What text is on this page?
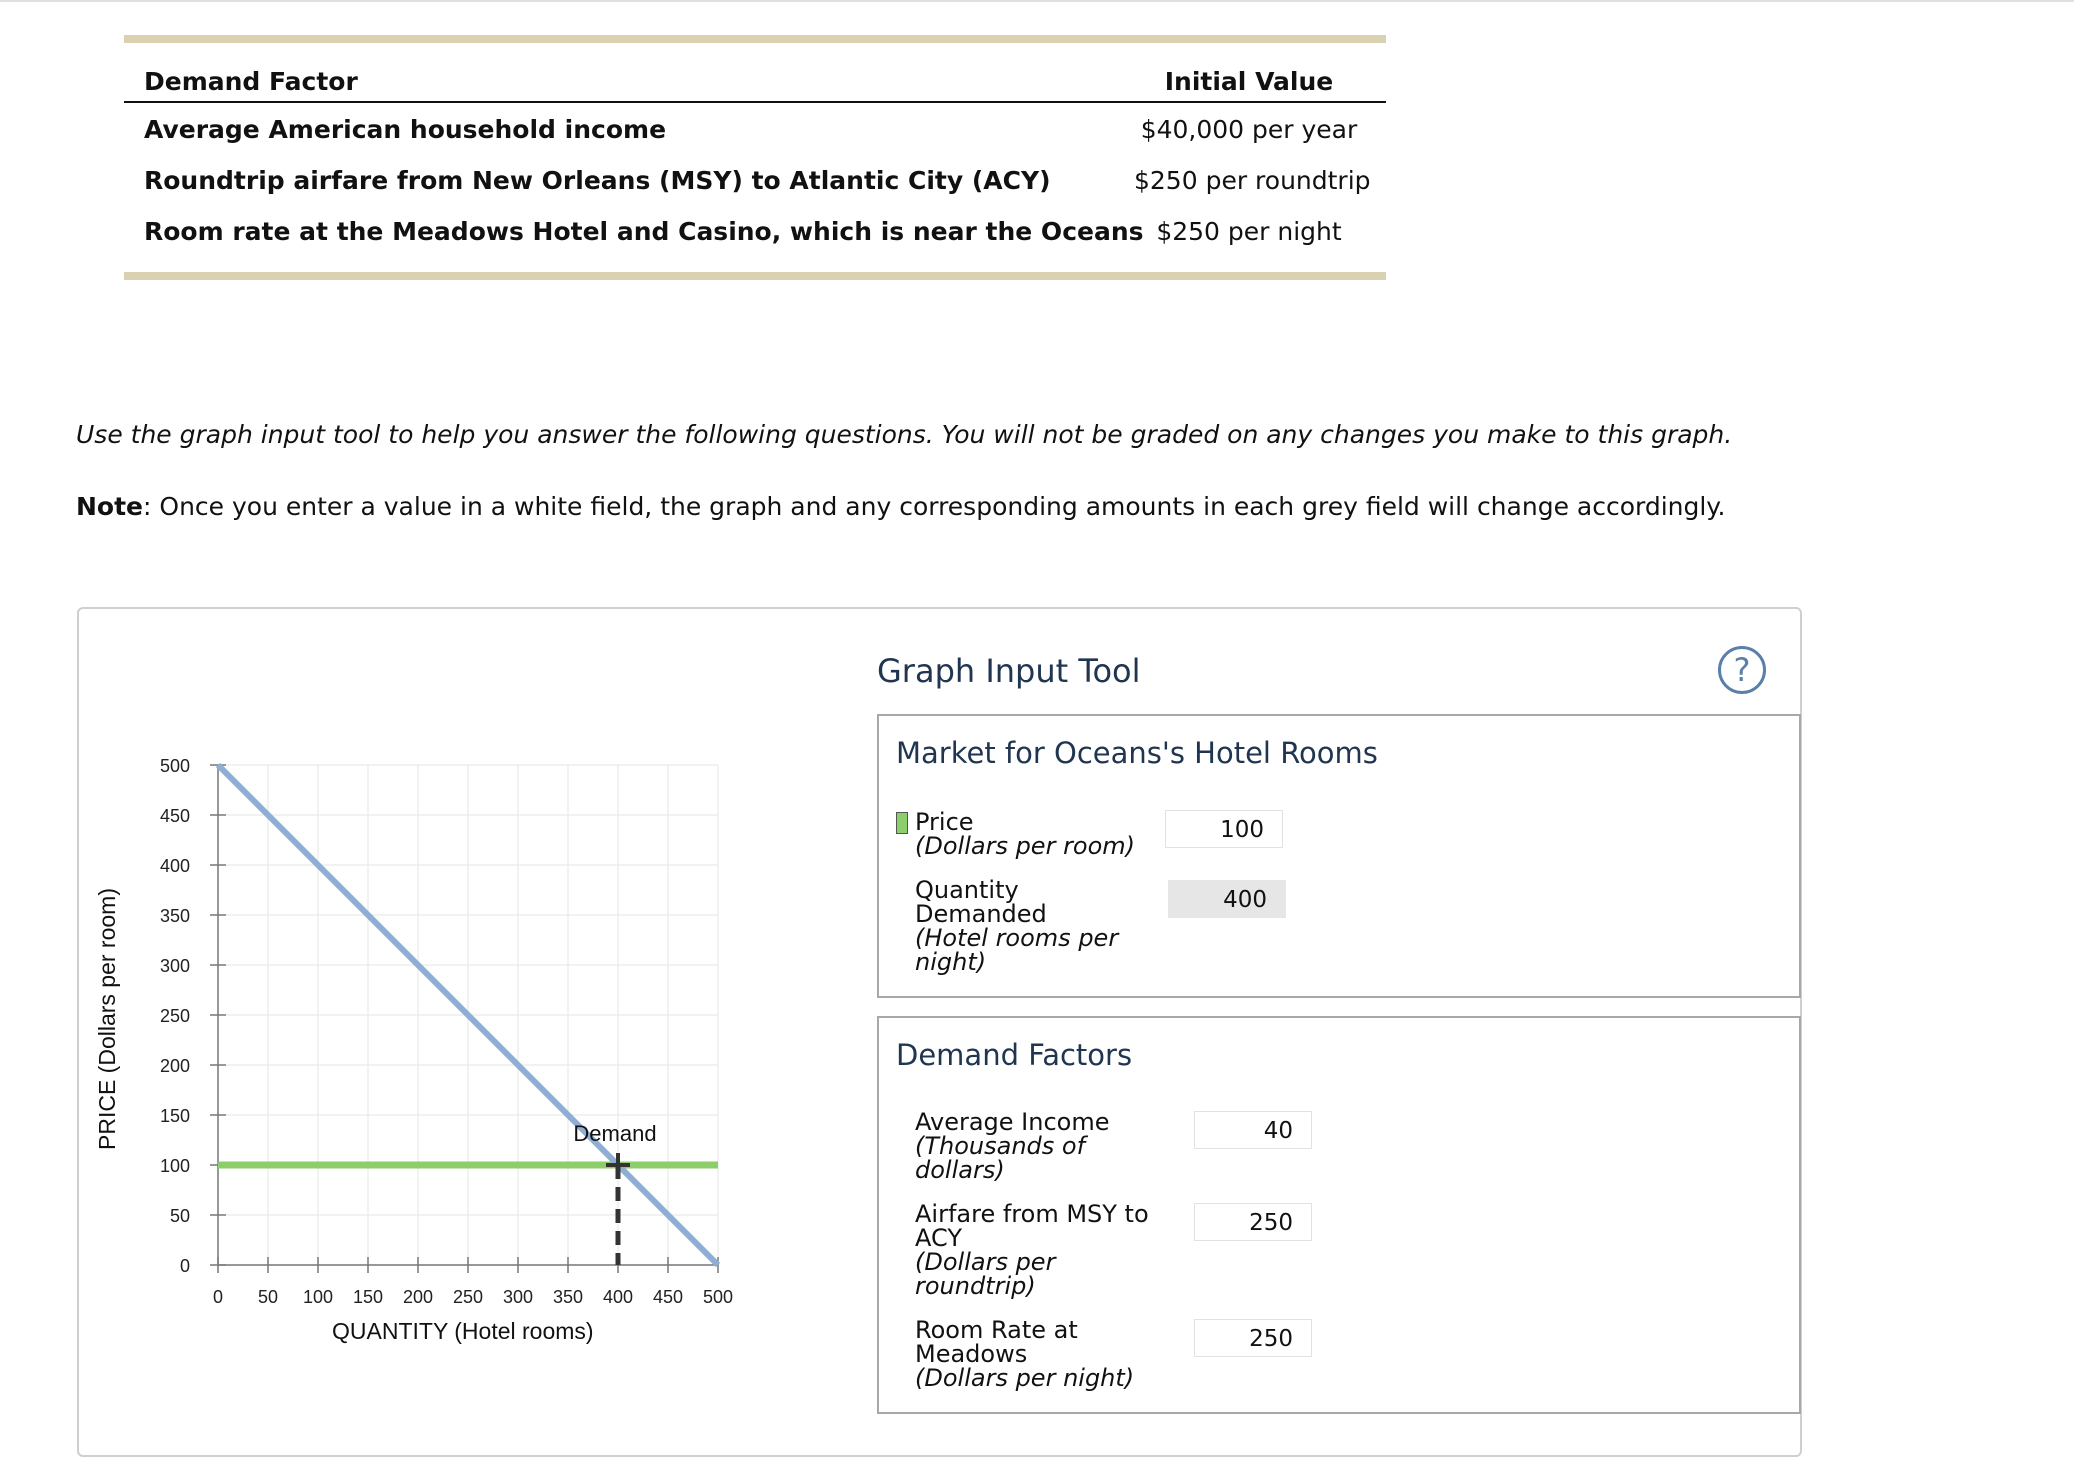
Demand Factor	Initial Value
Average American household income	$40,000 per year
Roundtrip airfare from New Orleans (MSY) to Atlantic City (ACY)	$250 per roundtrip
Room rate at the Meadows Hotel and Casino, which is near the Oceans $250 per night
Use the graph input tool to help you answer the following questions. You will not be graded on any changes you make to this graph.
Note: Once you enter a value in a white field, the graph and any corresponding amounts in each grey field will change accordingly.
0
50
100
150
200
250
300
350
400
450
500
0 50 100 150 200 250 300 350 400 450 500
Demand
PRICE (Dollars per room)
QUANTITY (Hotel rooms)
Graph Input Tool	?
Market for Oceans's Hotel Rooms
Price
(Dollars per room)
100
Quantity
Demanded
(Hotel rooms per
night)
400
Demand Factors
Average Income
(Thousands of
dollars)
40
Airfare from MSY to
ACY
(Dollars per
roundtrip)
250
Room Rate at
Meadows
(Dollars per night)
250
